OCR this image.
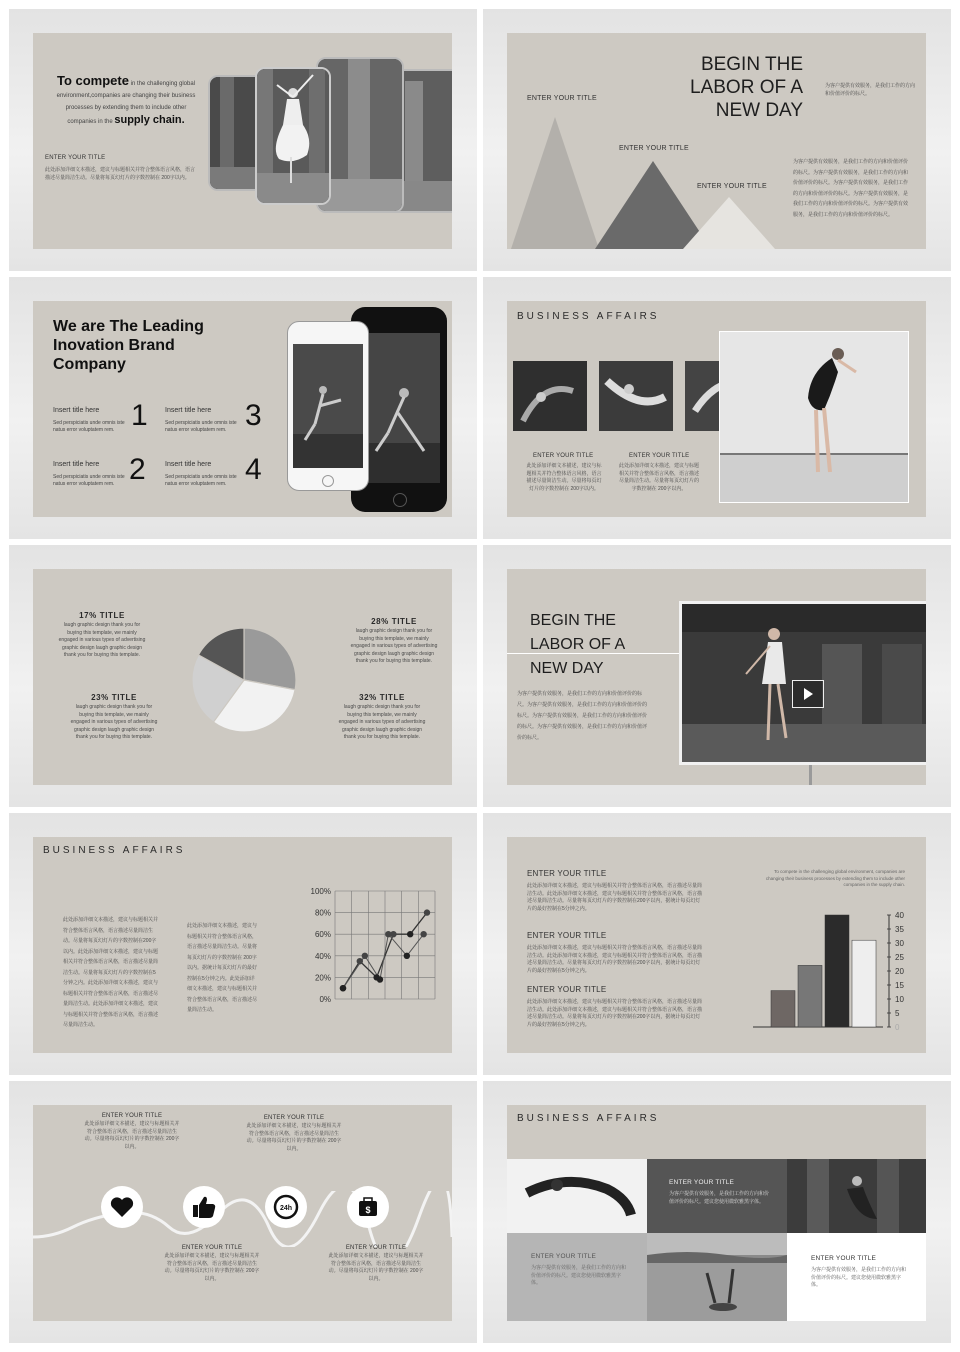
To compete in the challenging global
environment,companies are changing their business
processes by extending them to include other
companies in the supply chain.
ENTER YOUR TITLE
此处添加详细文本描述，建议与标题相关并符合整体语言风格，语言描述尽量简洁生动。尽量将每页幻灯片的字数控制在 200字以内。
BEGIN THE LABOR OF A NEW DAY
为客户提供有效服务，是我们工作的方向和价值评价的标尺。
ENTER YOUR TITLE
ENTER YOUR TITLE
ENTER YOUR TITLE
为客户提供有效服务，是我们工作的方向和价值评价的标尺。为客户提供有效服务，是我们工作的方向和价值评价的标尺。为客户提供有效服务，是我们工作的方向和价值评价的标尺。为客户提供有效服务，是我们工作的方向和价值评价的标尺。为客户提供有效服务，是我们工作的方向和价值评价的标尺。
We are The Leading Inovation Brand Company
Insert title here
Sed perspiciatis unde omnis iste natus error voluptatem rem. 1 Insert title here
Sed perspiciatis unde omnis iste natus error voluptatem rem. 3
Insert title here
Sed perspiciatis unde omnis iste natus error voluptatem rem. 2	Insert title here
Sed perspiciatis unde omnis iste natus error voluptatem rem. 4
BUSINESS AFFAIRS
ENTER YOUR TITLE
此处添加详细文本描述，建议与标题相关并符合整体语言风格，语言描述尽量简洁生动。尽量将每页幻灯片的字数控制在 200字以内。
ENTER YOUR TITLE
此处添加详细文本描述，建议与标题相关并符合整体语言风格，语言描述尽量简洁生动。尽量将每页幻灯片的字数控制在 200字以内。
17% TITLE
laugh graphic design thank you for buying this template, we mainly engaged in various types of advertising graphic design laugh graphic design thank you for buying this template.
28% TITLE
laugh graphic design thank you for buying this template, we mainly engaged in various types of advertising graphic design laugh graphic design thank you for buying this template.
23% TITLE
laugh graphic design thank you for buying this template, we mainly engaged in various types of advertising graphic design laugh graphic design thank you for buying this template.
32% TITLE
laugh graphic design thank you for buying this template, we mainly engaged in various types of advertising graphic design laugh graphic design thank you for buying this template.
BEGIN THE
LABOR OF A
NEW DAY
为客户提供有效服务，是我们工作的方向和价值评价的标尺。为客户提供有效服务，是我们工作的方向和价值评价的标尺。为客户提供有效服务，是我们工作的方向和价值评价的标尺。为客户提供有效服务，是我们工作的方向和价值评价的标尺。
BUSINESS AFFAIRS
此处添加详细文本描述，建议与标题相关并符合整体语言风格，语言描述尽量简洁生动。尽量将每页幻灯片的字数控制在200字以内。此处添加详细文本描述，建议与标题相关并符合整体语言风格，语言描述尽量简洁生动。尽量将每页幻灯片的字数控制在5分钟之内。此处添加详细文本描述，建议与标题相关并符合整体语言风格，语言描述尽量简洁生动。此处添加详细文本描述，建议与标题相关并符合整体语言风格，语言描述尽量简洁生动。
此处添加详细文本描述，建议与标题相关并符合整体语言风格，语言描述尽量简洁生动。尽量将每页幻灯片的字数控制在 200字以内。据统计每页幻灯片的最好控制在5分钟之内。此处添加详细文本描述，建议与标题相关并符合整体语言风格，语言描述尽量简洁生动。
0%
20%
40%
60%
80%
100%
ENTER YOUR TITLE
此处添加详细文本描述，建议与标题相关并符合整体语言风格，语言描述尽量简洁生动。此处添加详细文本描述，建议与标题相关并符合整体语言风格，语言描述尽量简洁生动。尽量将每页幻灯片的字数控制在200字以内，据统计每页幻灯片的最好控制在5分钟之内。
ENTER YOUR TITLE
此处添加详细文本描述，建议与标题相关并符合整体语言风格，语言描述尽量简洁生动。此处添加详细文本描述，建议与标题相关并符合整体语言风格，语言描述尽量简洁生动。尽量将每页幻灯片的字数控制在200字以内，据统计每页幻灯片的最好控制在5分钟之内。
ENTER YOUR TITLE
此处添加详细文本描述，建议与标题相关并符合整体语言风格，语言描述尽量简洁生动。此处添加详细文本描述，建议与标题相关并符合整体语言风格，语言描述尽量简洁生动。尽量将每页幻灯片的字数控制在200字以内，据统计每页幻灯片的最好控制在5分钟之内。
To compete in the challenging global environment, companies are changing their business processes by extending them to include other companies in the supply chain.
0
5
10
15
20
25
30
35
40
ENTER YOUR TITLE
此处添加详细文本描述，建议与标题相关并符合整体语言风格，语言描述尽量简洁生动。尽量将每页幻灯片的字数控制在 200字以内。
ENTER YOUR TITLE
此处添加详细文本描述，建议与标题相关并符合整体语言风格，语言描述尽量简洁生动。尽量将每页幻灯片的字数控制在 200字以内。
ENTER YOUR TITLE
此处添加详细文本描述，建议与标题相关并符合整体语言风格，语言描述尽量简洁生动。尽量将每页幻灯片的字数控制在 200字以内。
ENTER YOUR TITLE
此处添加详细文本描述，建议与标题相关并符合整体语言风格，语言描述尽量简洁生动。尽量将每页幻灯片的字数控制在 200字以内。
24h	$
BUSINESS AFFAIRS
ENTER YOUR TITLE
为客户提供有效服务，是我们工作的方向和价值评价的标尺。建议您使用微软雅黑字体。
ENTER YOUR TITLE
为客户提供有效服务，是我们工作的方向和价值评价的标尺。建议您使用微软雅黑字体。
ENTER YOUR TITLE
为客户提供有效服务，是我们工作的方向和价值评价的标尺。建议您使用微软雅黑字体。
